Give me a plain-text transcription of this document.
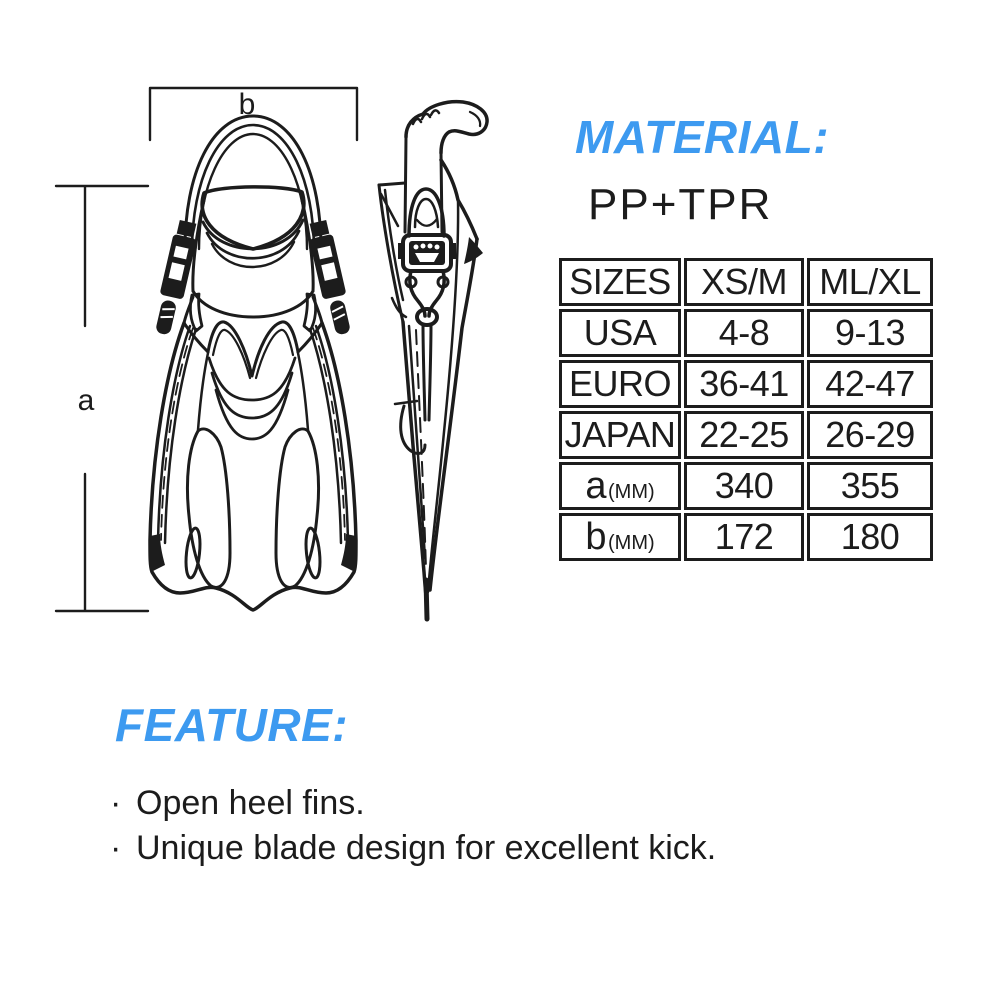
b
a
MATERIAL:
PP+TPR
SIZES	XS/M	ML/XL
USA	4-8	9-13
EURO	36-41	42-47
JAPAN	22-25	26-29
a (MM)	340	355
b (MM)	172	180
FEATURE:
· Open heel fins.
· Unique blade design for excellent kick.
